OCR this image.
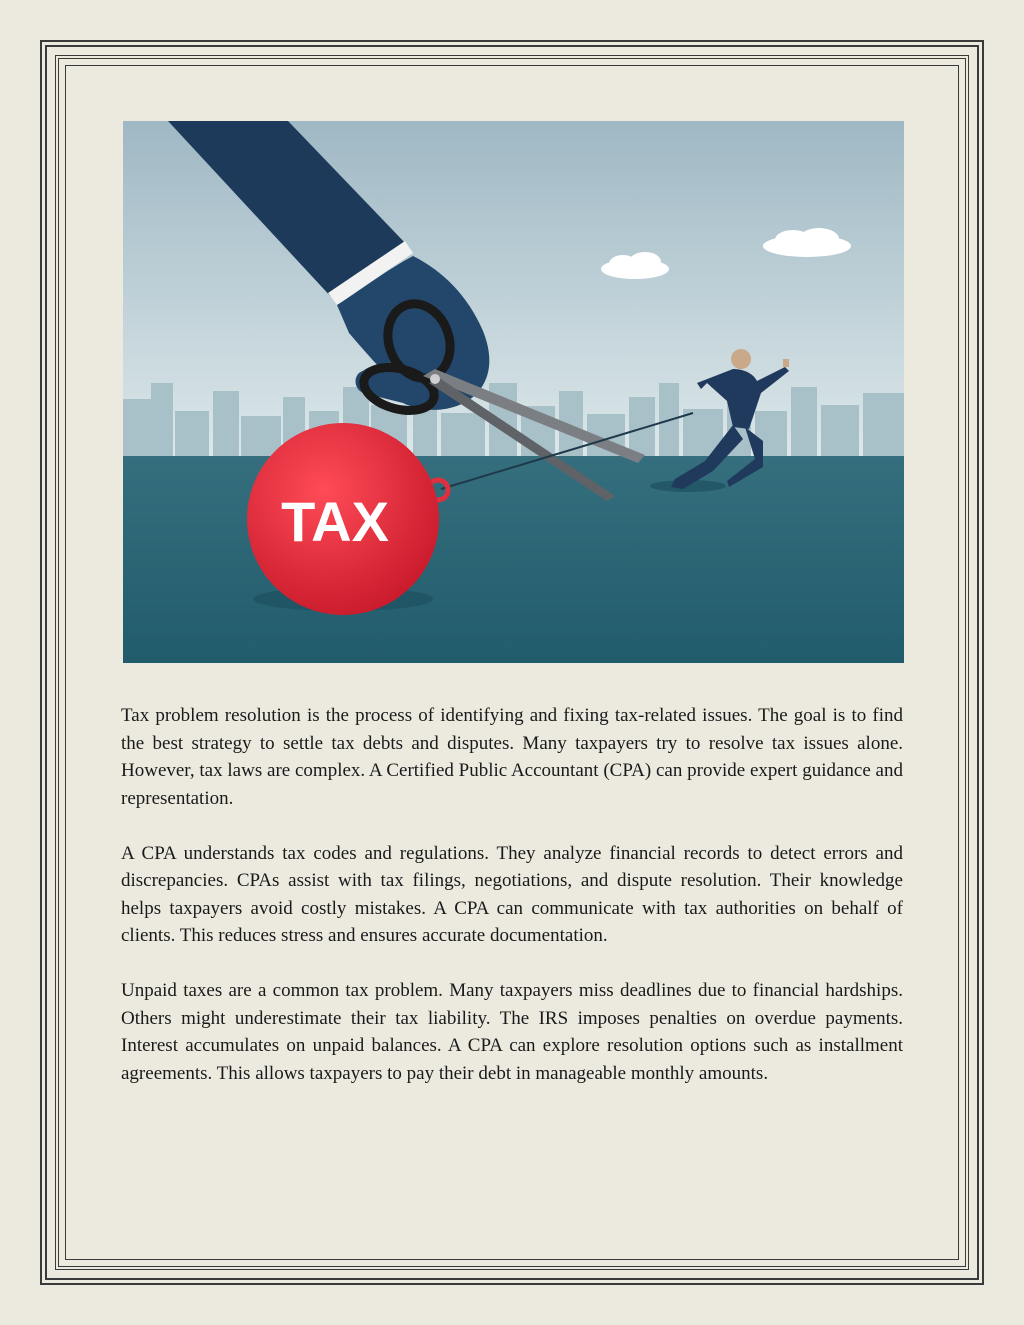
TAX

Tax problem resolution is the process of identifying and fixing tax-related issues. The goal is to find the best strategy to settle tax debts and disputes. Many taxpayers try to resolve tax issues alone. However, tax laws are complex. A Certified Public Accountant (CPA) can provide expert guidance and representation.

A CPA understands tax codes and regulations. They analyze financial records to detect errors and discrepancies. CPAs assist with tax filings, negotiations, and dispute resolution. Their knowledge helps taxpayers avoid costly mistakes. A CPA can communicate with tax authorities on behalf of clients. This reduces stress and ensures accurate documentation.

Unpaid taxes are a common tax problem. Many taxpayers miss deadlines due to financial hardships. Others might underestimate their tax liability. The IRS imposes penalties on overdue payments. Interest accumulates on unpaid balances. A CPA can explore resolution options such as installment agreements. This allows taxpayers to pay their debt in manageable monthly amounts.
